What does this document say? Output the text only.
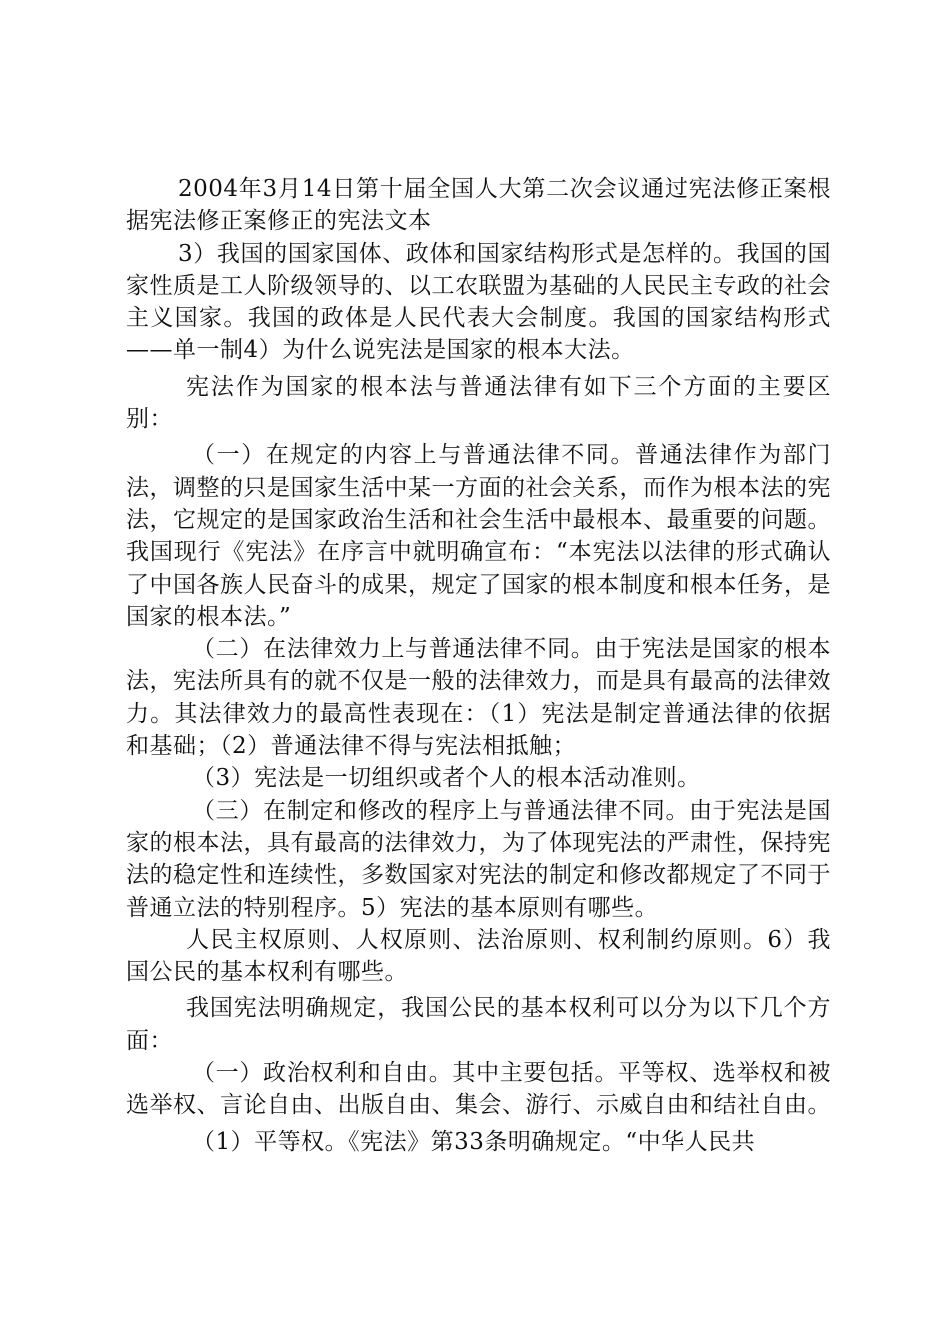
2004年3月14日第十届全国人大第二次会议通过宪法修正案根据宪法修正案修正的宪法文本

3）我国的国家国体、政体和国家结构形式是怎样的。我国的国家性质是工人阶级领导的、以工农联盟为基础的人民民主专政的社会主义国家。我国的政体是人民代表大会制度。我国的国家结构形式——单一制4）为什么说宪法是国家的根本大法。

宪法作为国家的根本法与普通法律有如下三个方面的主要区别：

（一）在规定的内容上与普通法律不同。普通法律作为部门法，调整的只是国家生活中某一方面的社会关系，而作为根本法的宪法，它规定的是国家政治生活和社会生活中最根本、最重要的问题。我国现行《宪法》在序言中就明确宣布：“本宪法以法律的形式确认了中国各族人民奋斗的成果，规定了国家的根本制度和根本任务，是国家的根本法。”

（二）在法律效力上与普通法律不同。由于宪法是国家的根本法，宪法所具有的就不仅是一般的法律效力，而是具有最高的法律效力。其法律效力的最高性表现在：（1）宪法是制定普通法律的依据和基础；（2）普通法律不得与宪法相抵触；

（3）宪法是一切组织或者个人的根本活动准则。

（三）在制定和修改的程序上与普通法律不同。由于宪法是国家的根本法，具有最高的法律效力，为了体现宪法的严肃性，保持宪法的稳定性和连续性，多数国家对宪法的制定和修改都规定了不同于普通立法的特别程序。5）宪法的基本原则有哪些。

人民主权原则、人权原则、法治原则、权利制约原则。6）我国公民的基本权利有哪些。

我国宪法明确规定，我国公民的基本权利可以分为以下几个方面：

（一）政治权利和自由。其中主要包括。平等权、选举权和被选举权、言论自由、出版自由、集会、游行、示威自由和结社自由。

（1）平等权。《宪法》第33条明确规定。“中华人民共
